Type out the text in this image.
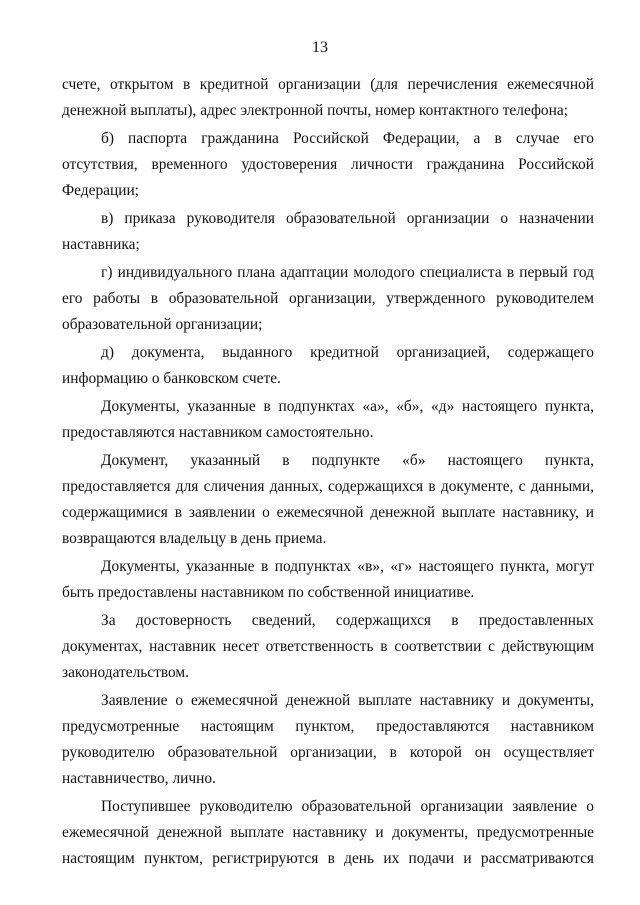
13
счете, открытом в кредитной организации (для перечисления ежемесячной
денежной выплаты), адрес электронной почты, номер контактного телефона;
б) паспорта гражданина Российской Федерации, а в случае его
отсутствия, временного удостоверения личности гражданина Российской
Федерации;
в) приказа руководителя образовательной организации о назначении
наставника;
г) индивидуального плана адаптации молодого специалиста в первый год
его работы в образовательной организации, утвержденного руководителем
образовательной организации;
д) документа, выданного кредитной организацией, содержащего
информацию о банковском счете.
Документы, указанные в подпунктах «а», «б», «д» настоящего пункта,
предоставляются наставником самостоятельно.
Документ, указанный в подпункте «б» настоящего пункта,
предоставляется для сличения данных, содержащихся в документе, с данными,
содержащимися в заявлении о ежемесячной денежной выплате наставнику, и
возвращаются владельцу в день приема.
Документы, указанные в подпунктах «в», «г» настоящего пункта, могут
быть предоставлены наставником по собственной инициативе.
За достоверность сведений, содержащихся в предоставленных
документах, наставник несет ответственность в соответствии с действующим
законодательством.
Заявление о ежемесячной денежной выплате наставнику и документы,
предусмотренные настоящим пунктом, предоставляются наставником
руководителю образовательной организации, в которой он осуществляет
наставничество, лично.
Поступившее руководителю образовательной организации заявление о
ежемесячной денежной выплате наставнику и документы, предусмотренные
настоящим пунктом, регистрируются в день их подачи и рассматриваются
